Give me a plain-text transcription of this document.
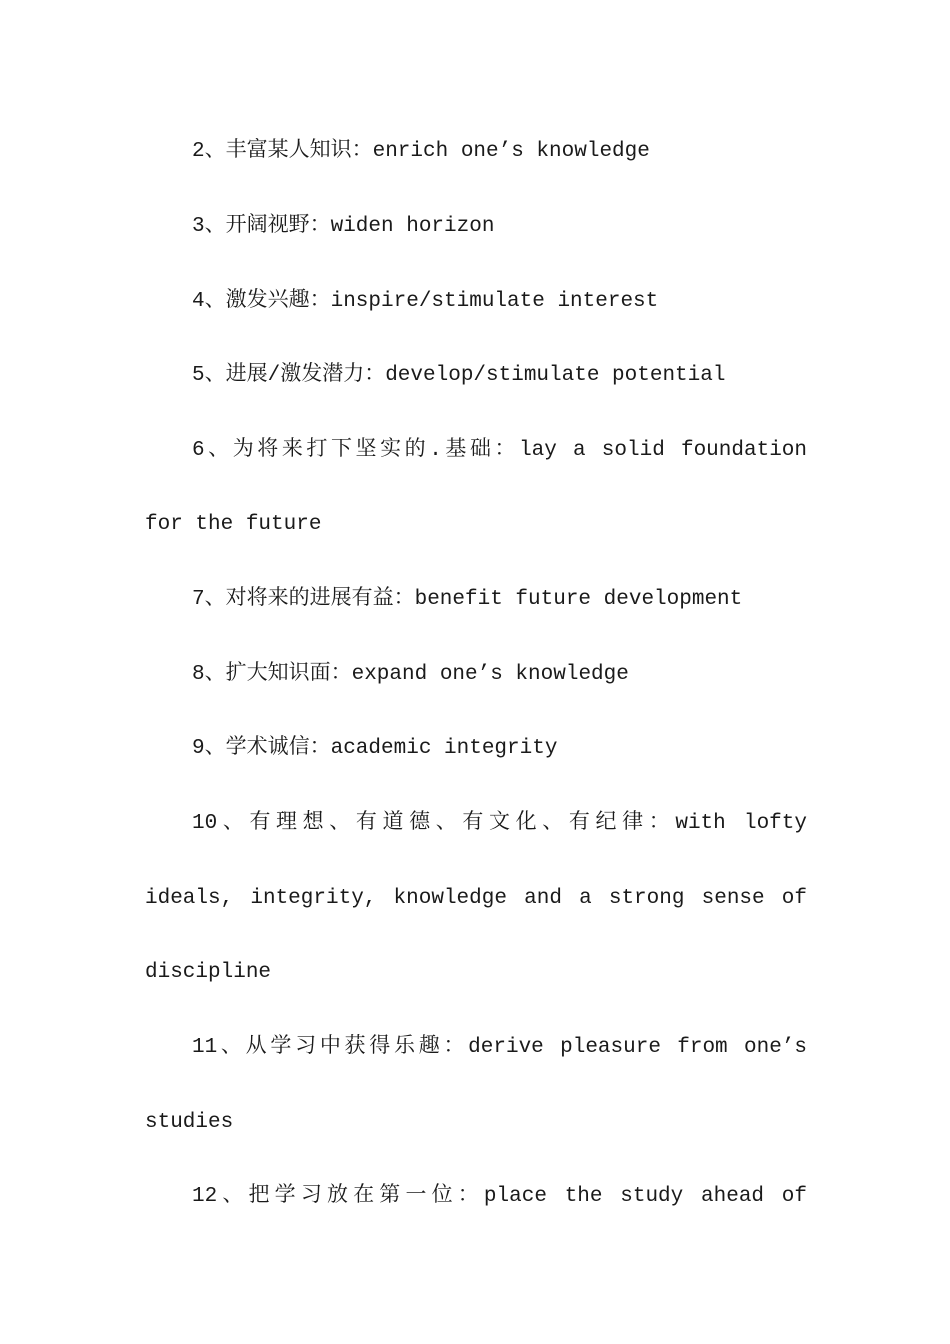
2、丰富某人知识：enrich one’s knowledge
3、开阔视野：widen horizon
4、激发兴趣：inspire/stimulate interest
5、进展/激发潜力：develop/stimulate potential
6、为将来打下坚实的.基础：lay a solid foundation
for the future
7、对将来的进展有益：benefit future development
8、扩大知识面：expand one’s knowledge
9、学术诚信：academic integrity
10、有理想、有道德、有文化、有纪律：with lofty
ideals, integrity, knowledge and a strong sense of
discipline
11、从学习中获得乐趣：derive pleasure from one’s
studies
12、把学习放在第一位：place the study ahead of
